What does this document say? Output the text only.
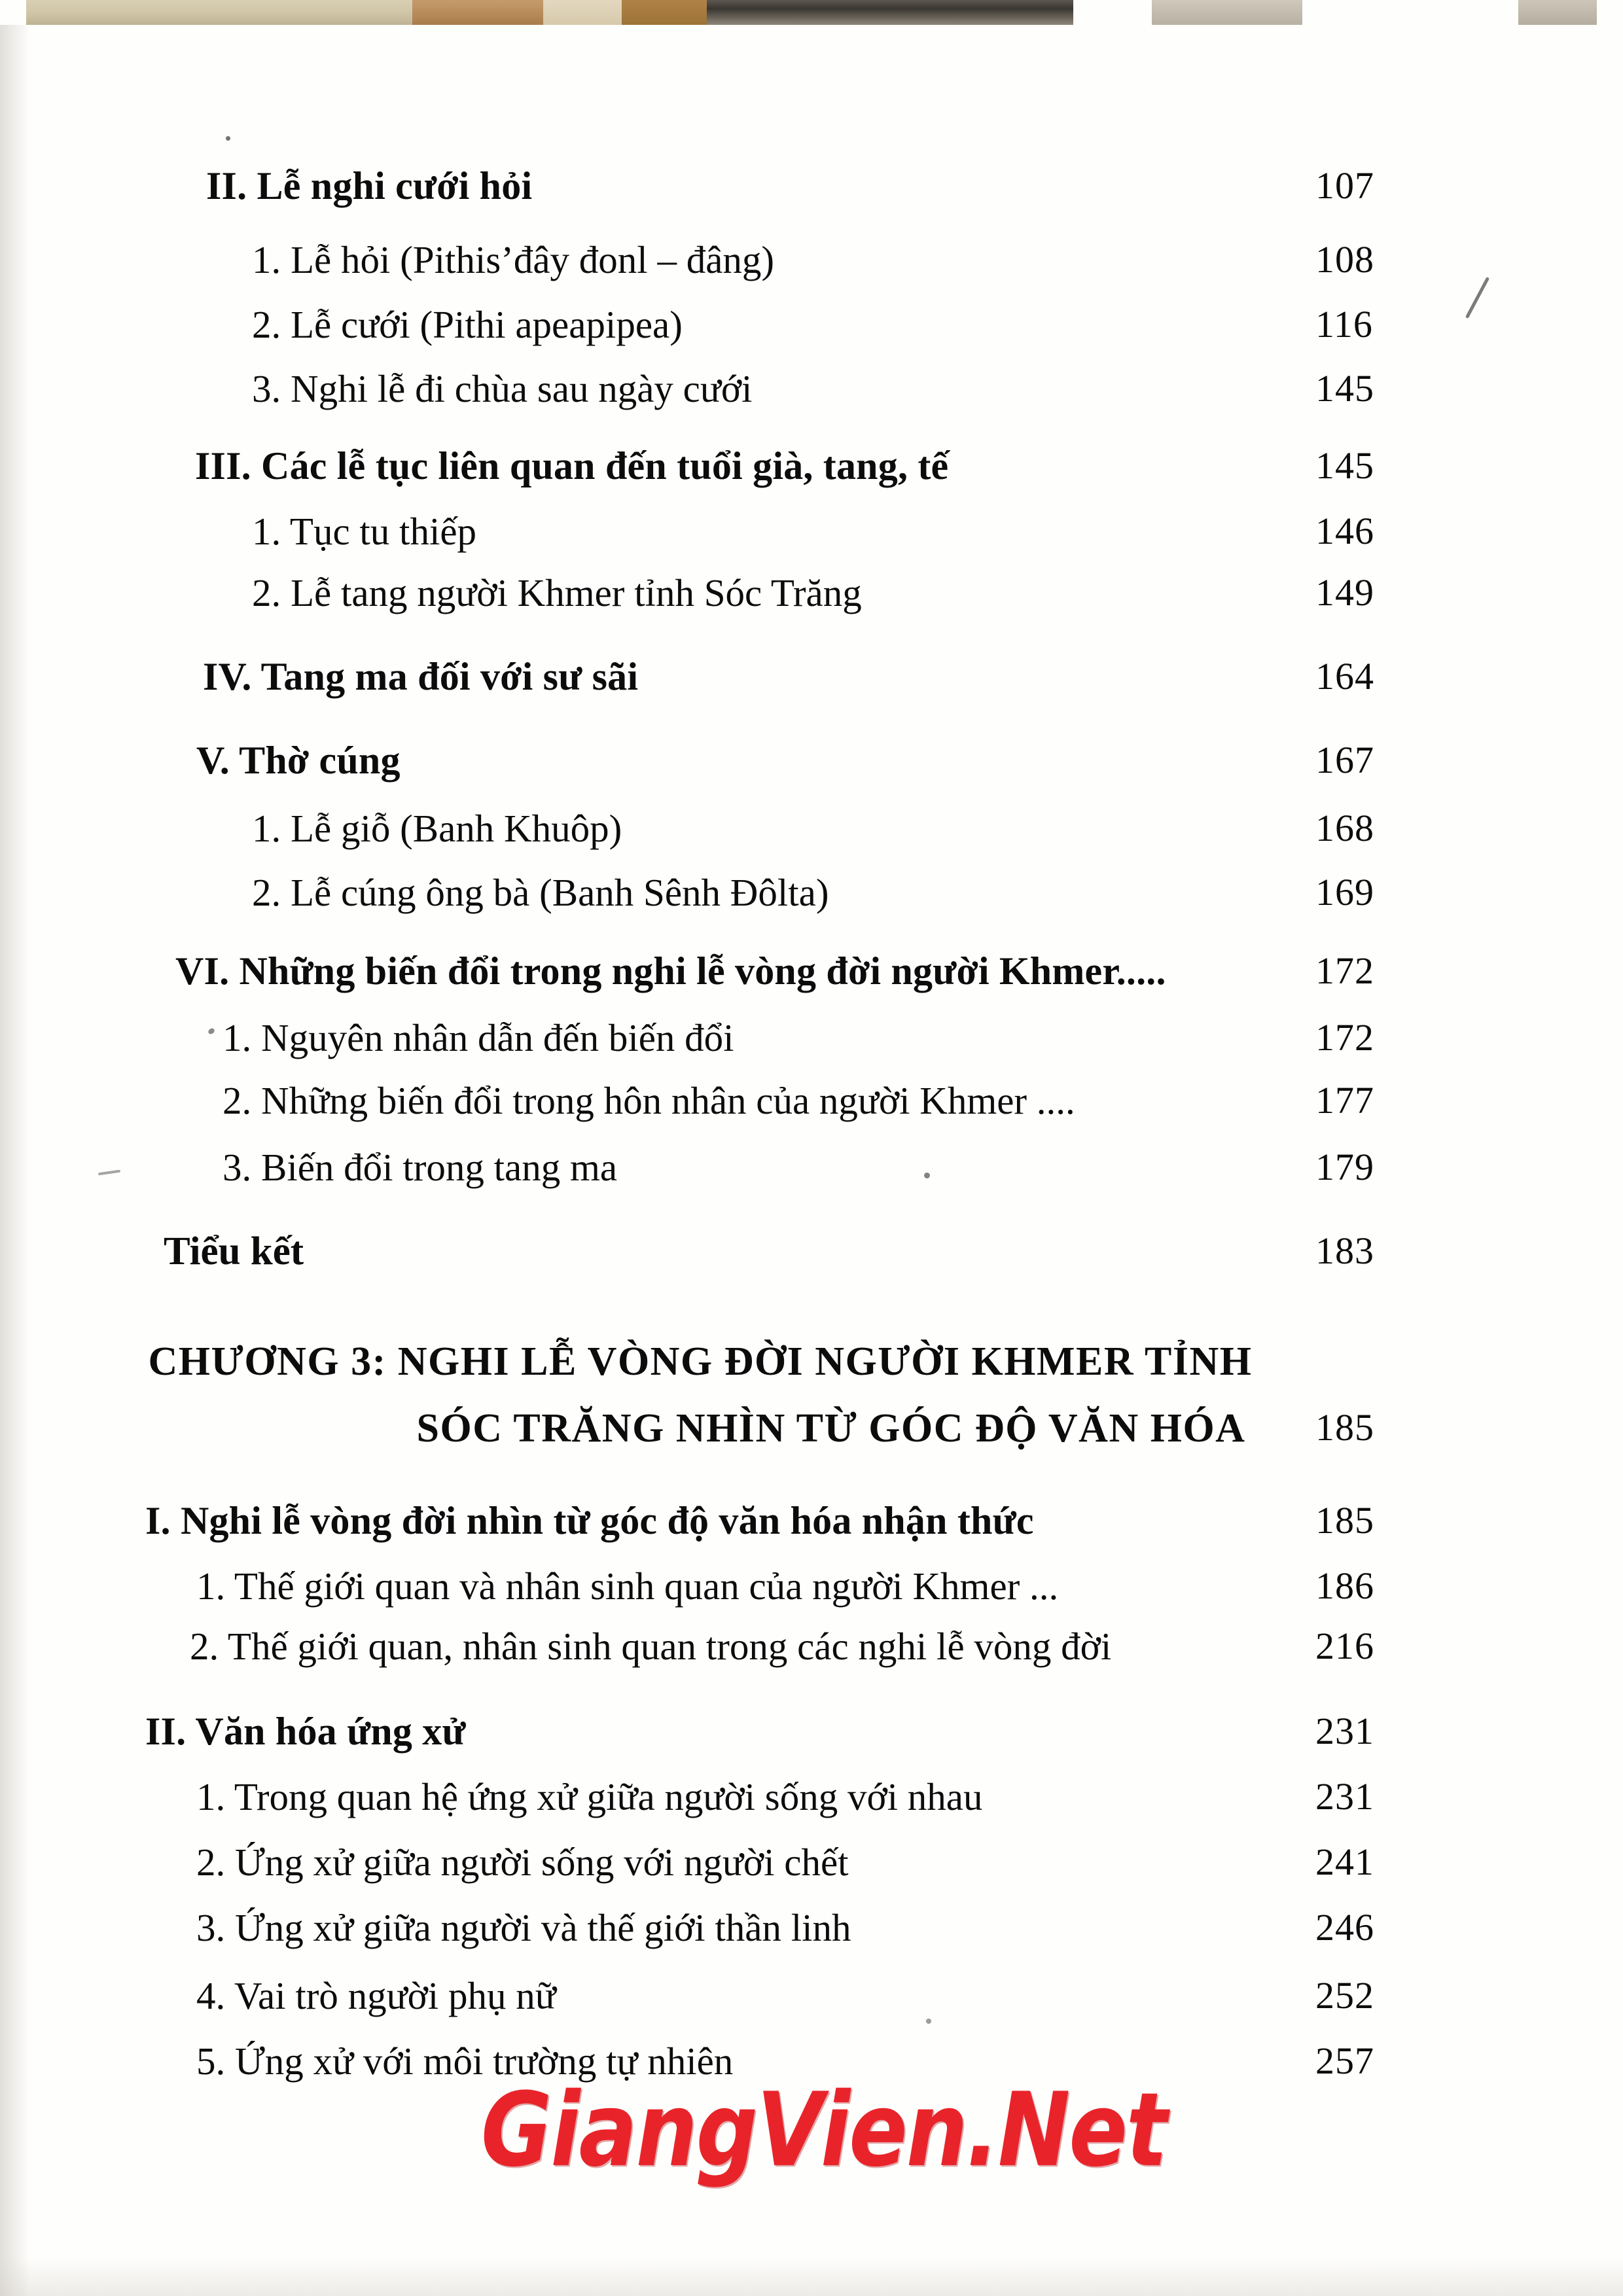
II. Lễ nghi cưới hỏi	107
1. Lễ hỏi (Pithis’đây đonl – đâng)	108
2. Lễ cưới (Pithi apeapipea)	116
3. Nghi lễ đi chùa sau ngày cưới	145
III. Các lễ tục liên quan đến tuổi già, tang, tế	145
1. Tục tu thiếp	146
2. Lễ tang người Khmer tỉnh Sóc Trăng	149
IV. Tang ma đối với sư sãi	164
V. Thờ cúng	167
1. Lễ giỗ (Banh Khuôp)	168
2. Lễ cúng ông bà (Banh Sênh Đôlta)	169
VI. Những biến đổi trong nghi lễ vòng đời người Khmer.....	172
1. Nguyên nhân dẫn đến biến đổi	172
2. Những biến đổi trong hôn nhân của người Khmer ....	177
3. Biến đổi trong tang ma	179
Tiểu kết	183
CHƯƠNG 3: NGHI LỄ VÒNG ĐỜI NGƯỜI KHMER TỈNH
SÓC TRĂNG NHÌN TỪ GÓC ĐỘ VĂN HÓA	185
I. Nghi lễ vòng đời nhìn từ góc độ văn hóa nhận thức	185
1. Thế giới quan và nhân sinh quan của người Khmer ...	186
2. Thế giới quan, nhân sinh quan trong các nghi lễ vòng đời	216
II. Văn hóa ứng xử	231
1. Trong quan hệ ứng xử giữa người sống với nhau	231
2. Ứng xử giữa người sống với người chết	241
3. Ứng xử giữa người và thế giới thần linh	246
4. Vai trò người phụ nữ	252
5. Ứng xử với môi trường tự nhiên	257
GiangVien.Net
